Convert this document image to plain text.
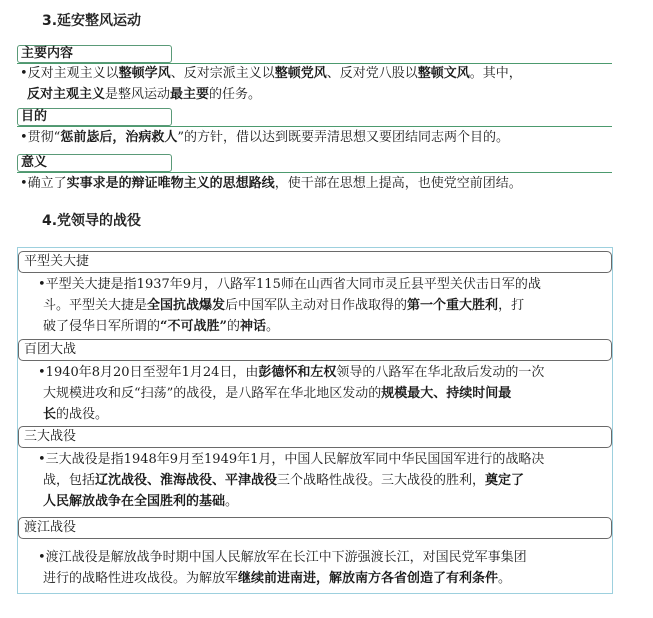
3.延安整风运动
主要内容
•反对主观主义以整顿学风、反对宗派主义以整顿党风、反对党八股以整顿文风。其中，
反对主观主义是整风运动最主要的任务。
目的
•贯彻“惩前毖后，治病救人”的方针，借以达到既要弄清思想又要团结同志两个目的。
意义
•确立了实事求是的辩证唯物主义的思想路线，使干部在思想上提高，也使党空前团结。
4.党领导的战役
平型关大捷
•平型关大捷是指1937年9月，八路军115师在山西省大同市灵丘县平型关伏击日军的战
斗。平型关大捷是全国抗战爆发后中国军队主动对日作战取得的第一个重大胜利，打
破了侵华日军所谓的“不可战胜”的神话。
百团大战
•1940年8月20日至翌年1月24日，由彭德怀和左权领导的八路军在华北敌后发动的一次
大规模进攻和反“扫荡”的战役，是八路军在华北地区发动的规模最大、持续时间最
长的战役。
三大战役
•三大战役是指1948年9月至1949年1月，中国人民解放军同中华民国国军进行的战略决
战，包括辽沈战役、淮海战役、平津战役三个战略性战役。三大战役的胜利，奠定了
人民解放战争在全国胜利的基础。
渡江战役
•渡江战役是解放战争时期中国人民解放军在长江中下游强渡长江，对国民党军事集团
进行的战略性进攻战役。为解放军继续前进南进，解放南方各省创造了有利条件。
